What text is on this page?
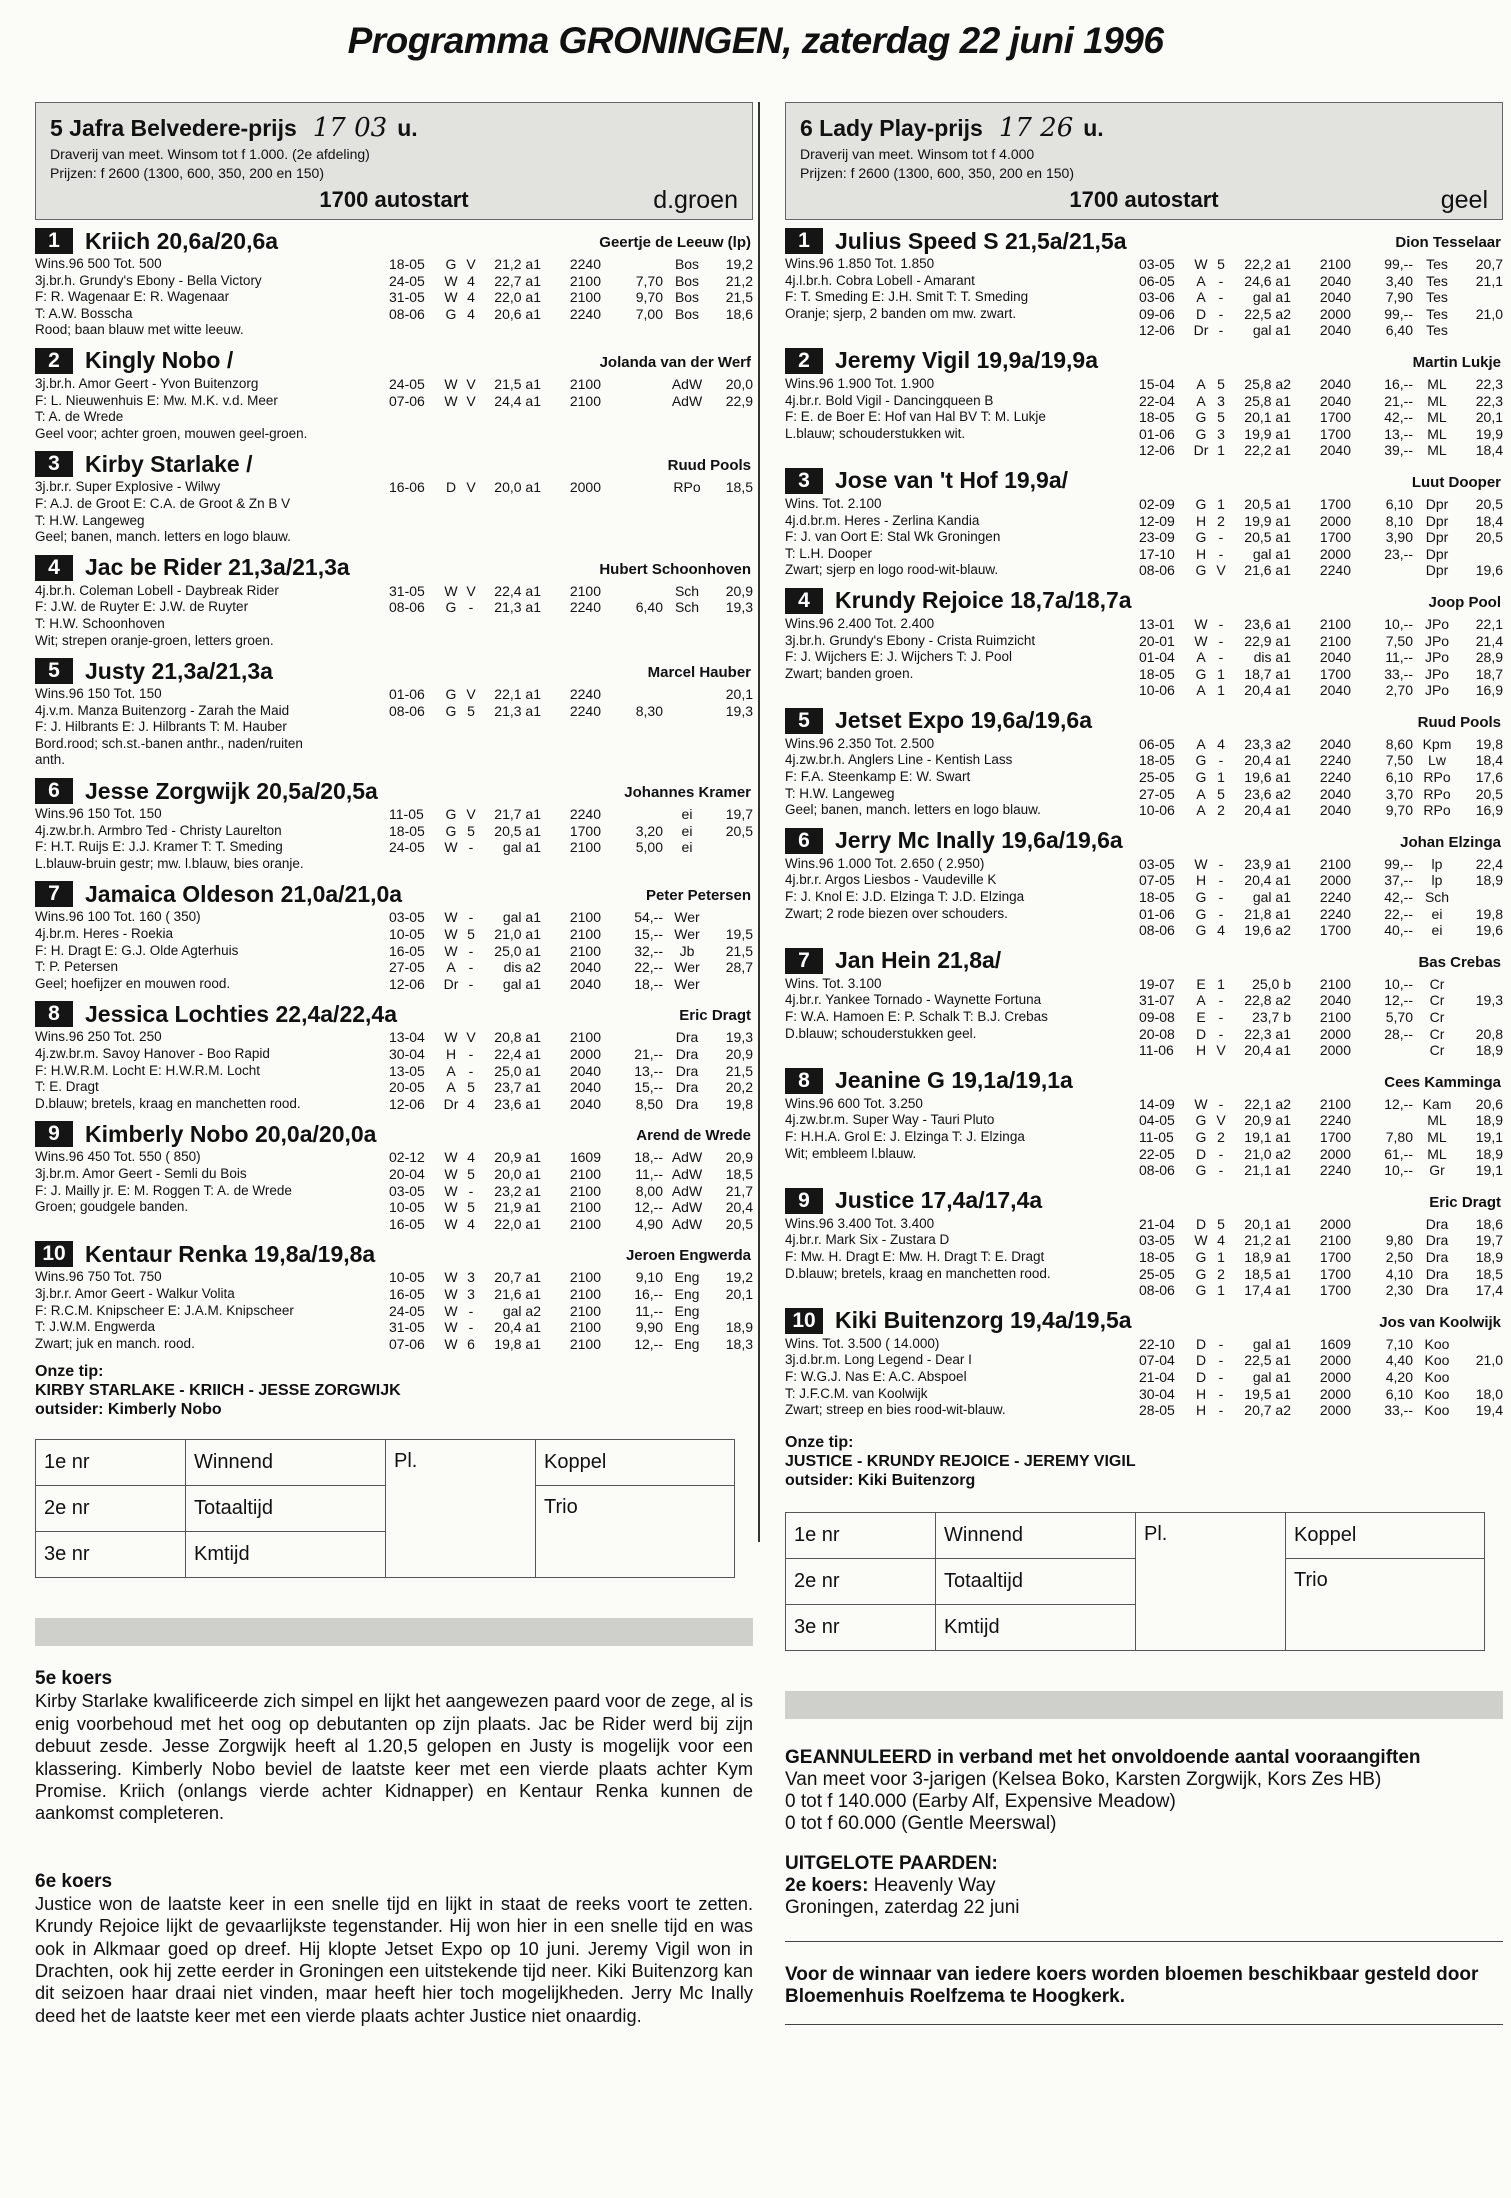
Programma GRONINGEN, zaterdag 22 juni 1996
5 Jafra Belvedere-prijs 17 03 u.
Draverij van meet. Winsom tot f 1.000. (2e afdeling)
Prijzen: f 2600 (1300, 600, 350, 200 en 150)
1700 autostart	d.groen
1	Kriich 20,6a/20,6a	Geertje de Leeuw (lp)
Wins.96 500 Tot. 500
3j.br.h. Grundy's Ebony - Bella Victory
F: R. Wagenaar E: R. Wagenaar
T: A.W. Bosscha
Rood; baan blauw met witte leeuw.
18-05	G V	21,2 a1	2240	Bos	19,2
24-05	W 4	22,7 a1	2100	7,70 Bos	21,2
31-05	W 4	22,0 a1	2100	9,70 Bos	21,5
08-06	G 4	20,6 a1	2240	7,00 Bos	18,6
2	Kingly Nobo /	Jolanda van der Werf
3j.br.h. Amor Geert - Yvon Buitenzorg
F: L. Nieuwenhuis E: Mw. M.K. v.d. Meer
T: A. de Wrede
Geel voor; achter groen, mouwen geel-groen.
24-05	W V	21,5 a1	2100	AdW	20,0
07-06	W V	24,4 a1	2100	AdW	22,9
3	Kirby Starlake /	Ruud Pools
3j.br.r. Super Explosive - Wilwy
F: A.J. de Groot E: C.A. de Groot & Zn B V
T: H.W. Langeweg
Geel; banen, manch. letters en logo blauw.
16-06	D V	20,0 a1	2000	RPo	18,5
4	Jac be Rider 21,3a/21,3a	Hubert Schoonhoven
4j.br.h. Coleman Lobell - Daybreak Rider
F: J.W. de Ruyter E: J.W. de Ruyter
T: H.W. Schoonhoven
Wit; strepen oranje-groen, letters groen.
31-05	W V	22,4 a1	2100	Sch	20,9
08-06	G -	21,3 a1	2240	6,40 Sch	19,3
5	Justy 21,3a/21,3a	Marcel Hauber
Wins.96 150 Tot. 150
4j.v.m. Manza Buitenzorg - Zarah the Maid
F: J. Hilbrants E: J. Hilbrants T: M. Hauber
Bord.rood; sch.st.-banen anthr., naden/ruiten
anth.
01-06	G V	22,1 a1	2240	20,1
08-06	G 5	21,3 a1	2240	8,30	19,3
6	Jesse Zorgwijk 20,5a/20,5a	Johannes Kramer
Wins.96 150 Tot. 150
4j.zw.br.h. Armbro Ted - Christy Laurelton
F: H.T. Ruijs E: J.J. Kramer T: T. Smeding
L.blauw-bruin gestr; mw. l.blauw, bies oranje.
11-05	G V	21,7 a1	2240	ei	19,7
18-05	G 5	20,5 a1	1700	3,20	ei	20,5
24-05	W -	gal a1	2100	5,00	ei
7	Jamaica Oldeson 21,0a/21,0a	Peter Petersen
Wins.96 100 Tot. 160 ( 350)
4j.br.m. Heres - Roekia
F: H. Dragt E: G.J. Olde Agterhuis
T: P. Petersen
Geel; hoefijzer en mouwen rood.
03-05	W -	gal a1	2100	54,-- Wer
10-05	W 5	21,0 a1	2100	15,-- Wer	19,5
16-05	W -	25,0 a1	2100	32,--	Jb	21,5
27-05	A -	dis a2	2040	22,-- Wer	28,7
12-06	Dr -	gal a1	2040	18,-- Wer
8	Jessica Lochties 22,4a/22,4a	Eric Dragt
Wins.96 250 Tot. 250
4j.zw.br.m. Savoy Hanover - Boo Rapid
F: H.W.R.M. Locht E: H.W.R.M. Locht
T: E. Dragt
D.blauw; bretels, kraag en manchetten rood.
13-04	W V	20,8 a1	2100	Dra	19,3
30-04	H -	22,4 a1	2000	21,-- Dra	20,9
13-05	A -	25,0 a1	2040	13,-- Dra	21,5
20-05	A 5	23,7 a1	2040	15,-- Dra	20,2
12-06	Dr 4	23,6 a1	2040	8,50 Dra	19,8
9	Kimberly Nobo 20,0a/20,0a	Arend de Wrede
Wins.96 450 Tot. 550 ( 850)
3j.br.m. Amor Geert - Semli du Bois
F: J. Mailly jr. E: M. Roggen T: A. de Wrede
Groen; goudgele banden.
02-12	W 4	20,9 a1	1609	18,-- AdW	20,9
20-04	W 5	20,0 a1	2100	11,-- AdW	18,5
03-05	W -	23,2 a1	2100	8,00 AdW	21,7
10-05	W 5	21,9 a1	2100	12,-- AdW	20,4
16-05	W 4	22,0 a1	2100	4,90 AdW	20,5
10 Kentaur Renka 19,8a/19,8a	Jeroen Engwerda
Wins.96 750 Tot. 750
3j.br.r. Amor Geert - Walkur Volita
F: R.C.M. Knipscheer E: J.A.M. Knipscheer
T: J.W.M. Engwerda
Zwart; juk en manch. rood.
10-05	W 3	20,7 a1	2100	9,10 Eng	19,2
16-05	W 3	21,6 a1	2100	16,-- Eng	20,1
24-05	W -	gal a2	2100	11,-- Eng
31-05	W -	20,4 a1	2100	9,90 Eng	18,9
07-06	W 6	19,8 a1	2100	12,-- Eng	18,3
Onze tip:
KIRBY STARLAKE - KRIICH - JESSE ZORGWIJK
outsider: Kimberly Nobo
1e nr	Winnend	Pl.	Koppel
2e nr	Totaaltijd		Trio
3e nr	Kmtijd		
5e koers
Kirby Starlake kwalificeerde zich simpel en lijkt het aangewezen paard voor de zege, al is enig voorbehoud met het oog op debutanten op zijn plaats. Jac be Rider werd bij zijn debuut zesde. Jesse Zorgwijk heeft al 1.20,5 gelopen en Justy is mogelijk voor een klassering. Kimberly Nobo beviel de laatste keer met een vierde plaats achter Kym Promise. Kriich (onlangs vierde achter Kidnapper) en Kentaur Renka kunnen de aankomst completeren.
6e koers
Justice won de laatste keer in een snelle tijd en lijkt in staat de reeks voort te zetten. Krundy Rejoice lijkt de gevaarlijkste tegenstander. Hij won hier in een snelle tijd en was ook in Alkmaar goed op dreef. Hij klopte Jetset Expo op 10 juni. Jeremy Vigil won in Drachten, ook hij zette eerder in Groningen een uitstekende tijd neer. Kiki Buitenzorg kan dit seizoen haar draai niet vinden, maar heeft hier toch mogelijkheden. Jerry Mc Inally deed het de laatste keer met een vierde plaats achter Justice niet onaardig.
6 Lady Play-prijs 17 26 u.
Draverij van meet. Winsom tot f 4.000
Prijzen: f 2600 (1300, 600, 350, 200 en 150)
1700 autostart	geel
1	Julius Speed S 21,5a/21,5a	Dion Tesselaar
Wins.96 1.850 Tot. 1.850
4j.l.br.h. Cobra Lobell - Amarant
F: T. Smeding E: J.H. Smit T: T. Smeding
Oranje; sjerp, 2 banden om mw. zwart.
03-05	W 5	22,2 a1	2100	99,-- Tes	20,7
06-05	A -	24,6 a1	2040	3,40 Tes	21,1
03-06	A -	gal a1	2040	7,90 Tes
09-06	D -	22,5 a2	2000	99,-- Tes	21,0
12-06	Dr -	gal a1	2040	6,40 Tes
2	Jeremy Vigil 19,9a/19,9a	Martin Lukje
Wins.96 1.900 Tot. 1.900
4j.br.r. Bold Vigil - Dancingqueen B
F: E. de Boer E: Hof van Hal BV T: M. Lukje
L.blauw; schouderstukken wit.
15-04	A 5	25,8 a2	2040	16,--	ML	22,3
22-04	A 3	25,8 a1	2040	21,--	ML	22,3
18-05	G 5	20,1 a1	1700	42,--	ML	20,1
01-06	G 3	19,9 a1	1700	13,--	ML	19,9
12-06	Dr 1	22,2 a1	2040	39,--	ML	18,4
3	Jose van 't Hof 19,9a/	Luut Dooper
Wins. Tot. 2.100
4j.d.br.m. Heres - Zerlina Kandia
F: J. van Oort E: Stal Wk Groningen
T: L.H. Dooper
Zwart; sjerp en logo rood-wit-blauw.
02-09	G 1	20,5 a1	1700	6,10 Dpr	20,5
12-09	H 2	19,9 a1	2000	8,10 Dpr	18,4
23-09	G -	20,5 a1	1700	3,90 Dpr	20,5
17-10	H -	gal a1	2000	23,-- Dpr
08-06	G V	21,6 a1	2240	Dpr	19,6
4	Krundy Rejoice 18,7a/18,7a	Joop Pool
Wins.96 2.400 Tot. 2.400
3j.br.h. Grundy's Ebony - Crista Ruimzicht
F: J. Wijchers E: J. Wijchers T: J. Pool
Zwart; banden groen.
13-01	W -	23,6 a1	2100	10,-- JPo	22,1
20-01	W -	22,9 a1	2100	7,50 JPo	21,4
01-04	A -	dis a1	2040	11,-- JPo	28,9
18-05	G 1	18,7 a1	1700	33,-- JPo	18,7
10-06	A 1	20,4 a1	2040	2,70 JPo	16,9
5	Jetset Expo 19,6a/19,6a	Ruud Pools
Wins.96 2.350 Tot. 2.500
4j.zw.br.h. Anglers Line - Kentish Lass
F: F.A. Steenkamp E: W. Swart
T: H.W. Langeweg
Geel; banen, manch. letters en logo blauw.
06-05	A 4	23,3 a2	2040	8,60 Kpm	19,8
18-05	G -	20,4 a1	2240	7,50	Lw	18,4
25-05	G 1	19,6 a1	2240	6,10 RPo	17,6
27-05	A 5	23,6 a2	2040	3,70 RPo	20,5
10-06	A 2	20,4 a1	2040	9,70 RPo	16,9
6	Jerry Mc Inally 19,6a/19,6a	Johan Elzinga
Wins.96 1.000 Tot. 2.650 ( 2.950)
4j.br.r. Argos Liesbos - Vaudeville K
F: J. Knol E: J.D. Elzinga T: J.D. Elzinga
Zwart; 2 rode biezen over schouders.
03-05	W -	23,9 a1	2100	99,--	lp	22,4
07-05	H -	20,4 a1	2000	37,--	lp	18,9
18-05	G -	gal a1	2240	42,-- Sch
01-06	G -	21,8 a1	2240	22,--	ei	19,8
08-06	G 4	19,6 a2	1700	40,--	ei	19,6
7	Jan Hein 21,8a/	Bas Crebas
Wins. Tot. 3.100
4j.br.r. Yankee Tornado - Waynette Fortuna
F: W.A. Hamoen E: P. Schalk T: B.J. Crebas
D.blauw; schouderstukken geel.
19-07	E 1	25,0 b	2100	10,--	Cr
31-07	A -	22,8 a2	2040	12,--	Cr	19,3
09-08	E -	23,7 b	2100	5,70	Cr
20-08	D -	22,3 a1	2000	28,--	Cr	20,8
11-06	H V	20,4 a1	2000	Cr	18,9
8	Jeanine G 19,1a/19,1a	Cees Kamminga
Wins.96 600 Tot. 3.250
4j.zw.br.m. Super Way - Tauri Pluto
F: H.H.A. Grol E: J. Elzinga T: J. Elzinga
Wit; embleem l.blauw.
14-09	W -	22,1 a2	2100	12,-- Kam	20,6
04-05	G V	20,9 a1	2240	ML	18,9
11-05	G 2	19,1 a1	1700	7,80	ML	19,1
22-05	D -	21,0 a2	2000	61,--	ML	18,9
08-06	G -	21,1 a1	2240	10,--	Gr	19,1
9	Justice 17,4a/17,4a	Eric Dragt
Wins.96 3.400 Tot. 3.400
4j.br.r. Mark Six - Zustara D
F: Mw. H. Dragt E: Mw. H. Dragt T: E. Dragt
D.blauw; bretels, kraag en manchetten rood.
21-04	D 5	20,1 a1	2000	Dra	18,6
03-05	W 4	21,2 a1	2100	9,80 Dra	19,7
18-05	G 1	18,9 a1	1700	2,50 Dra	18,9
25-05	G 2	18,5 a1	1700	4,10 Dra	18,5
08-06	G 1	17,4 a1	1700	2,30 Dra	17,4
10 Kiki Buitenzorg 19,4a/19,5a	Jos van Koolwijk
Wins. Tot. 3.500 ( 14.000)
3j.d.br.m. Long Legend - Dear I
F: W.G.J. Nas E: A.C. Abspoel
T: J.F.C.M. van Koolwijk
Zwart; streep en bies rood-wit-blauw.
22-10	D -	gal a1	1609	7,10 Koo
07-04	D -	22,5 a1	2000	4,40 Koo	21,0
21-04	D -	gal a1	2000	4,20 Koo
30-04	H -	19,5 a1	2000	6,10 Koo	18,0
28-05	H -	20,7 a2	2000	33,-- Koo	19,4
Onze tip:
JUSTICE - KRUNDY REJOICE - JEREMY VIGIL
outsider: Kiki Buitenzorg
1e nr	Winnend	Pl.	Koppel
2e nr	Totaaltijd		Trio
3e nr	Kmtijd		
GEANNULEERD in verband met het onvoldoende aantal vooraangiften
Van meet voor 3-jarigen (Kelsea Boko, Karsten Zorgwijk, Kors Zes HB)
0 tot f 140.000 (Earby Alf, Expensive Meadow)
0 tot f 60.000 (Gentle Meerswal)
UITGELOTE PAARDEN:
2e koers: Heavenly Way
Groningen, zaterdag 22 juni
Voor de winnaar van iedere koers worden bloemen beschikbaar gesteld door Bloemenhuis Roelfzema te Hoogkerk.
